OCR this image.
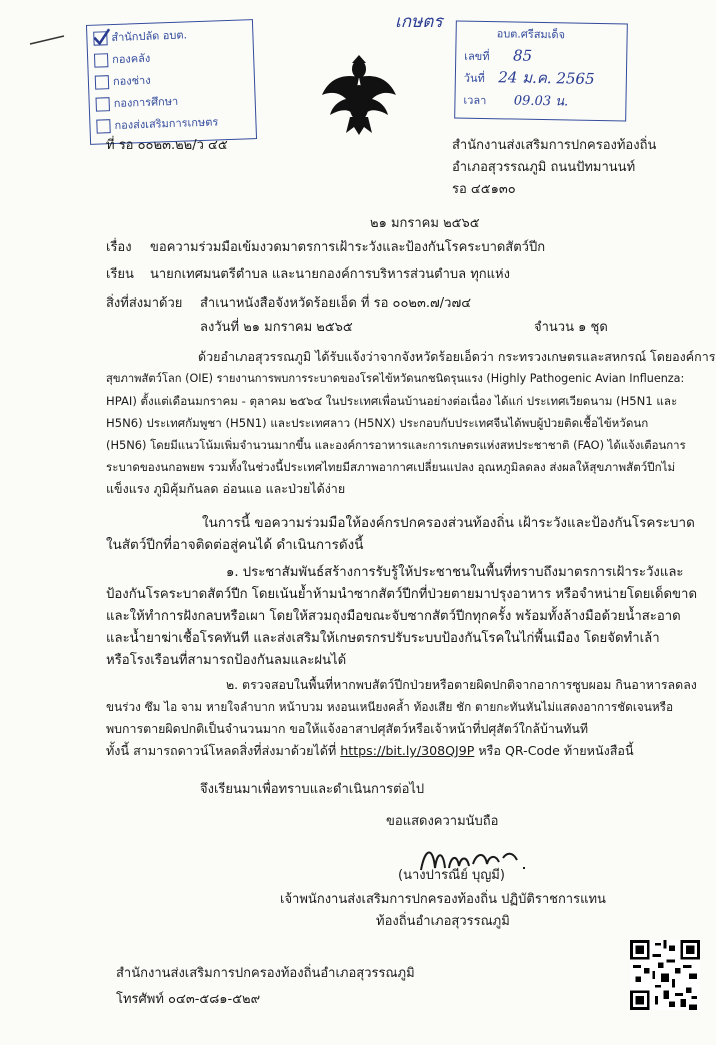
เกษตร
สำนักปลัด อบต.
กองคลัง
กองช่าง
กองการศึกษา
กองส่งเสริมการเกษตร
อบต.ศรีสมเด็จ
เลขที่ 85
วันที่ 24 ม.ค. 2565
เวลา 09.03 น.
ที่ รอ ๐๐๒๓.๒๒/ว ๔๕	สำนักงานส่งเสริมการปกครองท้องถิ่น
อำเภอสุวรรณภูมิ ถนนปัทมานนท์
รอ ๔๕๑๓๐
๒๑ มกราคม ๒๕๖๕
เรื่อง ขอความร่วมมือเข้มงวดมาตรการเฝ้าระวังและป้องกันโรคระบาดสัตว์ปีก
เรียน นายกเทศมนตรีตำบล และนายกองค์การบริหารส่วนตำบล ทุกแห่ง
สิ่งที่ส่งมาด้วย สำเนาหนังสือจังหวัดร้อยเอ็ด ที่ รอ ๐๐๒๓.๗/ว๗๔
ลงวันที่ ๒๑ มกราคม ๒๕๖๕	จำนวน ๑ ชุด
ด้วยอำเภอสุวรรณภูมิ ได้รับแจ้งว่าจากจังหวัดร้อยเอ็ดว่า กระทรวงเกษตรและสหกรณ์ โดยองค์การ
สุขภาพสัตว์โลก (OIE) รายงานการพบการระบาดของโรคไข้หวัดนกชนิดรุนแรง (Highly Pathogenic Avian Influenza:
HPAI) ตั้งแต่เดือนมกราคม - ตุลาคม ๒๕๖๔ ในประเทศเพื่อนบ้านอย่างต่อเนื่อง ได้แก่ ประเทศเวียดนาม (H5N1 และ
H5N6) ประเทศกัมพูชา (H5N1) และประเทศลาว (H5NX) ประกอบกับประเทศจีนได้พบผู้ป่วยติดเชื้อไข้หวัดนก
(H5N6) โดยมีแนวโน้มเพิ่มจำนวนมากขึ้น และองค์การอาหารและการเกษตรแห่งสหประชาชาติ (FAO) ได้แจ้งเตือนการ
ระบาดของนกอพยพ รวมทั้งในช่วงนี้ประเทศไทยมีสภาพอากาศเปลี่ยนแปลง อุณหภูมิลดลง ส่งผลให้สุขภาพสัตว์ปีกไม่
แข็งแรง ภูมิคุ้มกันลด อ่อนแอ และป่วยได้ง่าย
ในการนี้ ขอความร่วมมือให้องค์กรปกครองส่วนท้องถิ่น เฝ้าระวังและป้องกันโรคระบาด
ในสัตว์ปีกที่อาจติดต่อสู่คนได้ ดำเนินการดังนี้
๑. ประชาสัมพันธ์สร้างการรับรู้ให้ประชาชนในพื้นที่ทราบถึงมาตรการเฝ้าระวังและ
ป้องกันโรคระบาดสัตว์ปีก โดยเน้นย้ำห้ามนำซากสัตว์ปีกที่ป่วยตายมาปรุงอาหาร หรือจำหน่ายโดยเด็ดขาด
และให้ทำการฝังกลบหรือเผา โดยให้สวมถุงมือขณะจับซากสัตว์ปีกทุกครั้ง พร้อมทั้งล้างมือด้วยน้ำสะอาด
และน้ำยาฆ่าเชื้อโรคทันที และส่งเสริมให้เกษตรกรปรับระบบป้องกันโรคในไก่พื้นเมือง โดยจัดทำเล้า
หรือโรงเรือนที่สามารถป้องกันลมและฝนได้
๒. ตรวจสอบในพื้นที่หากพบสัตว์ปีกป่วยหรือตายผิดปกติจากอาการซูบผอม กินอาหารลดลง
ขนร่วง ซึม ไอ จาม หายใจลำบาก หน้าบวม หงอนเหนียงคล้ำ ท้องเสีย ชัก ตายกะทันหันไม่แสดงอาการชัดเจนหรือ
พบการตายผิดปกติเป็นจำนวนมาก ขอให้แจ้งอาสาปศุสัตว์หรือเจ้าหน้าที่ปศุสัตว์ใกล้บ้านทันที
ทั้งนี้ สามารถดาวน์โหลดสิ่งที่ส่งมาด้วยได้ที่ https://bit.ly/308QJ9P หรือ QR-Code ท้ายหนังสือนี้
จึงเรียนมาเพื่อทราบและดำเนินการต่อไป
ขอแสดงความนับถือ
(นางปารณีย์ บุญมี)
เจ้าพนักงานส่งเสริมการปกครองท้องถิ่น ปฏิบัติราชการแทน
ท้องถิ่นอำเภอสุวรรณภูมิ
สำนักงานส่งเสริมการปกครองท้องถิ่นอำเภอสุวรรณภูมิ
โทรศัพท์ ๐๔๓-๕๘๑-๕๒๙
